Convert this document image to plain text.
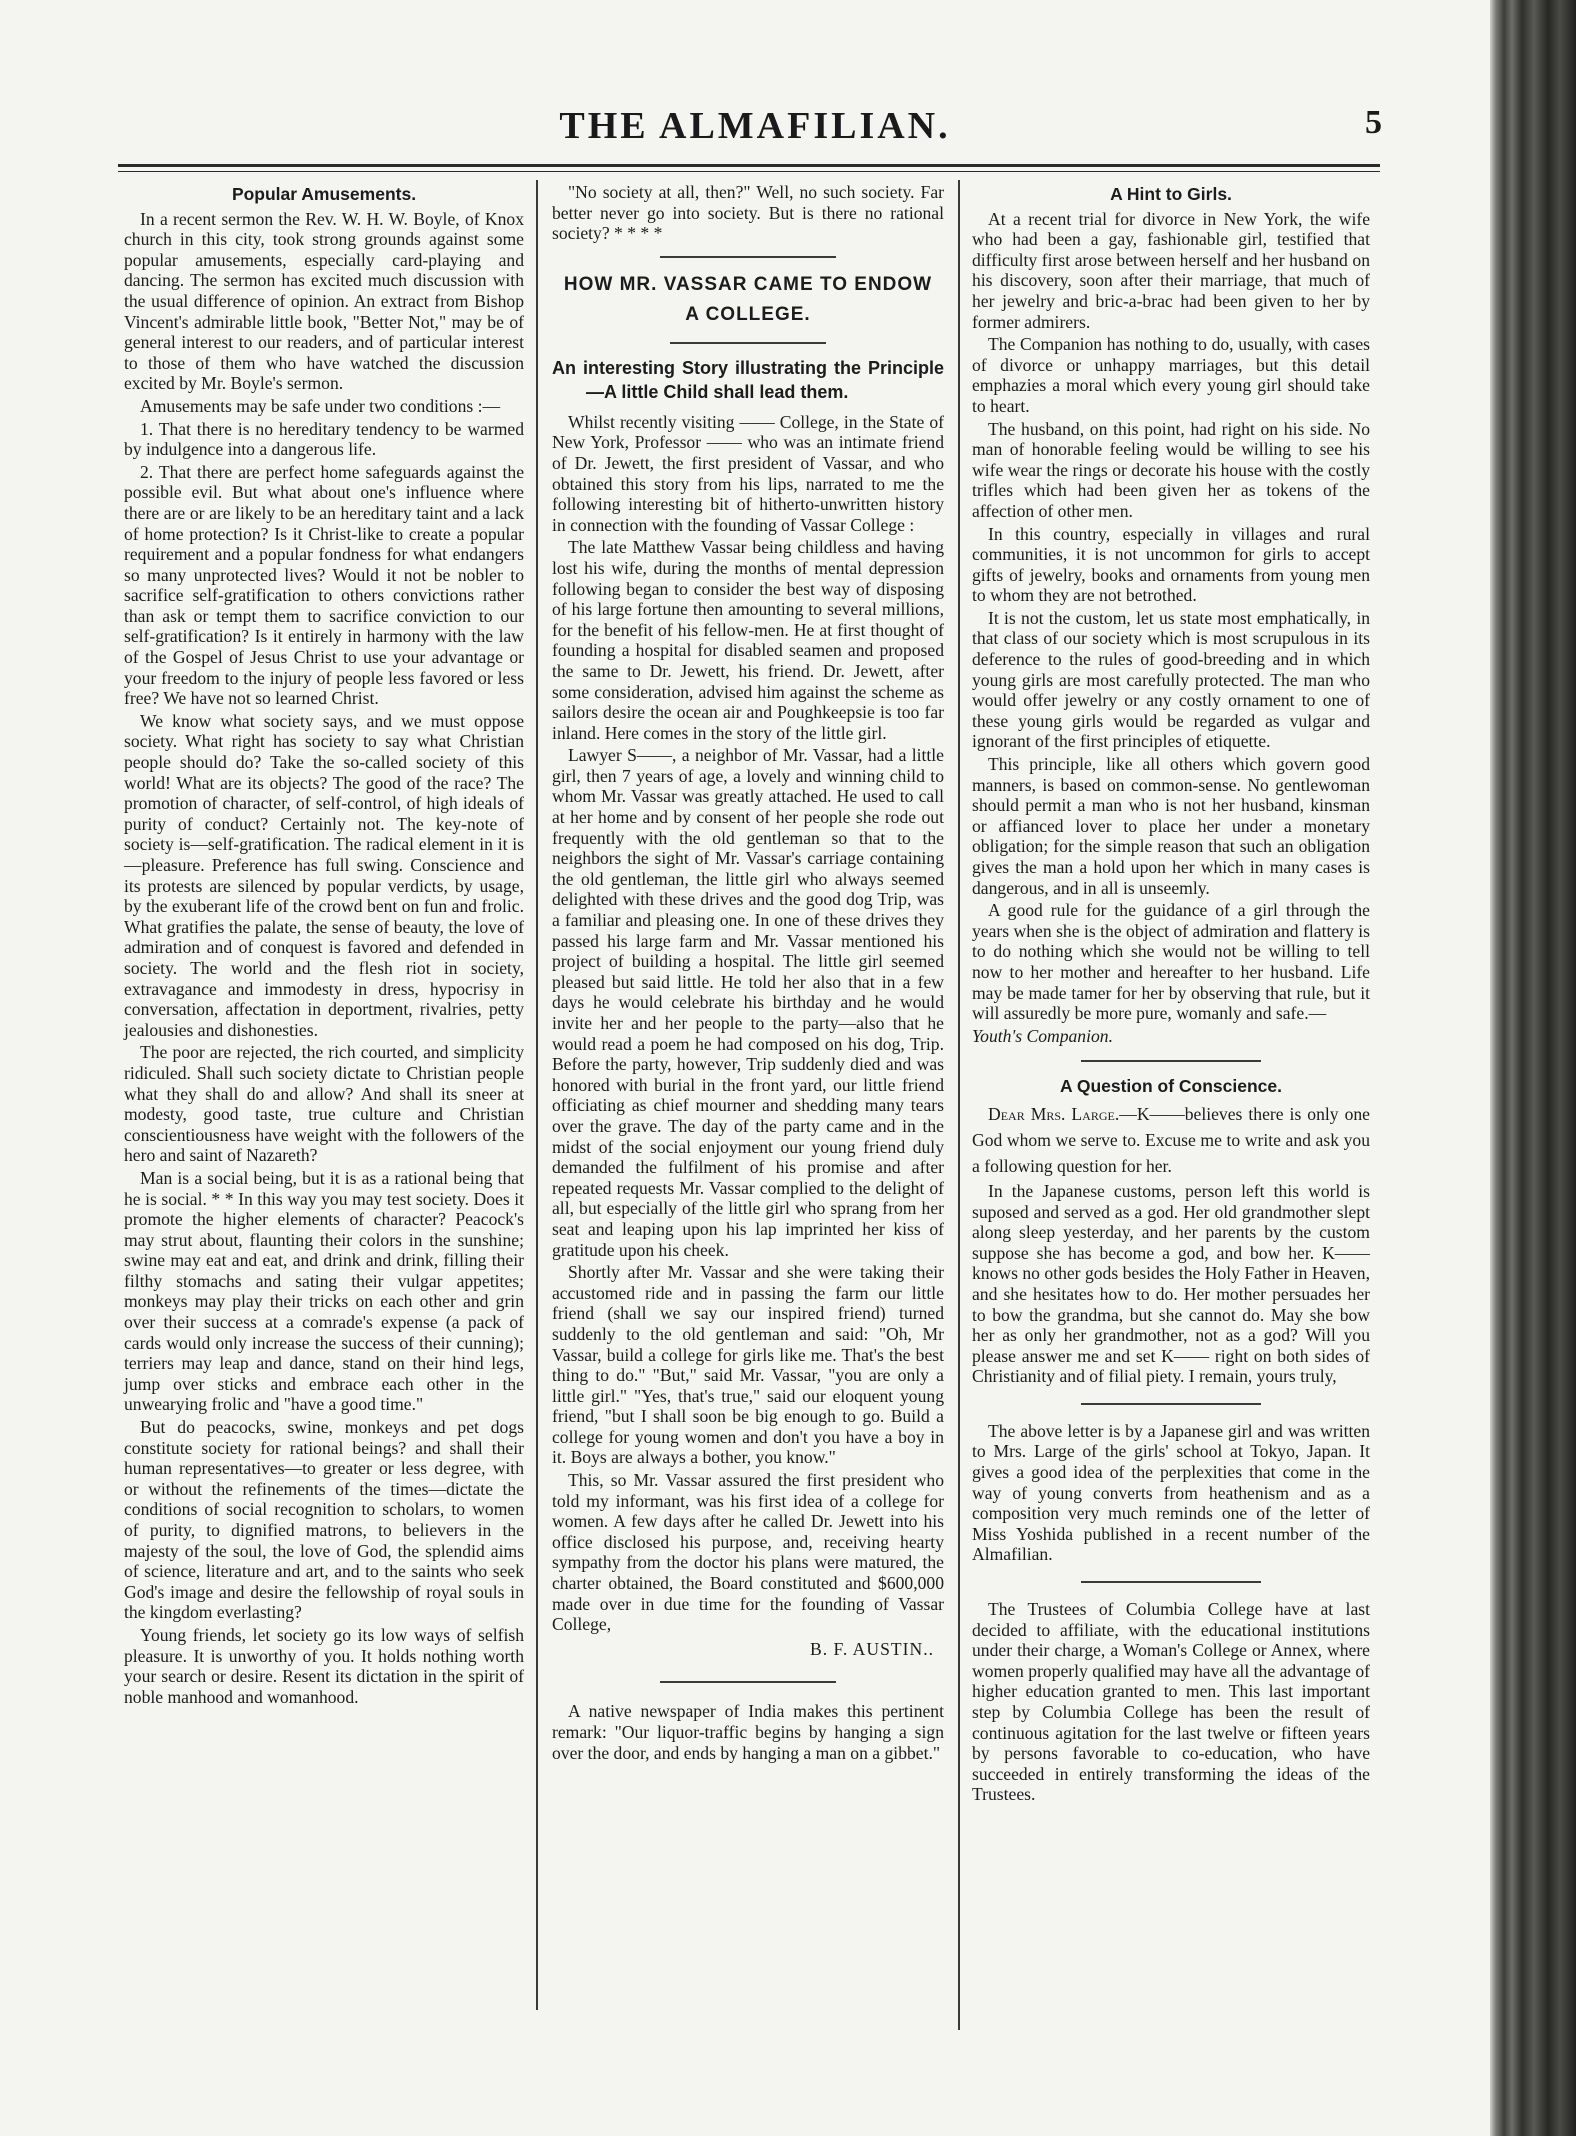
THE ALMAFILIAN.	5
Popular Amusements.

In a recent sermon the Rev. W. H. W. Boyle, of Knox church in this city, took strong grounds against some popular amusements, especially card-playing and dancing. The sermon has excited much discussion with the usual difference of opinion. An extract from Bishop Vincent's admirable little book, "Better Not," may be of general interest to our readers, and of particular interest to those of them who have watched the discussion excited by Mr. Boyle's sermon.

Amusements may be safe under two conditions :—

1. That there is no hereditary tendency to be warmed by indulgence into a dangerous life.

2. That there are perfect home safeguards against the possible evil. But what about one's influence where there are or are likely to be an hereditary taint and a lack of home protection? Is it Christ-like to create a popular requirement and a popular fondness for what endangers so many unprotected lives? Would it not be nobler to sacrifice self-gratification to others convictions rather than ask or tempt them to sacrifice conviction to our self-gratification? Is it entirely in harmony with the law of the Gospel of Jesus Christ to use your advantage or your freedom to the injury of people less favored or less free? We have not so learned Christ.

We know what society says, and we must oppose society. What right has society to say what Christian people should do? Take the so-called society of this world! What are its objects? The good of the race? The promotion of character, of self-control, of high ideals of purity of conduct? Certainly not. The key-note of society is—self-gratification. The radical element in it is—pleasure. Preference has full swing. Conscience and its protests are silenced by popular verdicts, by usage, by the exuberant life of the crowd bent on fun and frolic. What gratifies the palate, the sense of beauty, the love of admiration and of conquest is favored and defended in society. The world and the flesh riot in society, extravagance and immodesty in dress, hypocrisy in conversation, affectation in deportment, rivalries, petty jealousies and dishonesties.

The poor are rejected, the rich courted, and simplicity ridiculed. Shall such society dictate to Christian people what they shall do and allow? And shall its sneer at modesty, good taste, true culture and Christian conscientiousness have weight with the followers of the hero and saint of Nazareth?

Man is a social being, but it is as a rational being that he is social. * * In this way you may test society. Does it promote the higher elements of character? Peacock's may strut about, flaunting their colors in the sunshine; swine may eat and eat, and drink and drink, filling their filthy stomachs and sating their vulgar appetites; monkeys may play their tricks on each other and grin over their success at a comrade's expense (a pack of cards would only increase the success of their cunning); terriers may leap and dance, stand on their hind legs, jump over sticks and embrace each other in the unwearying frolic and "have a good time."

But do peacocks, swine, monkeys and pet dogs constitute society for rational beings? and shall their human representatives—to greater or less degree, with or without the refinements of the times—dictate the conditions of social recognition to scholars, to women of purity, to dignified matrons, to believers in the majesty of the soul, the love of God, the splendid aims of science, literature and art, and to the saints who seek God's image and desire the fellowship of royal souls in the kingdom everlasting?

Young friends, let society go its low ways of selfish pleasure. It is unworthy of you. It holds nothing worth your search or desire. Resent its dictation in the spirit of noble manhood and womanhood.

"No society at all, then?" Well, no such society. Far better never go into society. But is there no rational society? * * * *

HOW MR. VASSAR CAME TO ENDOW A COLLEGE.
An interesting Story illustrating the Principle—A little Child shall lead them.

Whilst recently visiting —— College, in the State of New York, Professor —— who was an intimate friend of Dr. Jewett, the first president of Vassar, and who obtained this story from his lips, narrated to me the following interesting bit of hitherto-unwritten history in connection with the founding of Vassar College :

The late Matthew Vassar being childless and having lost his wife, during the months of mental depression following began to consider the best way of disposing of his large fortune then amounting to several millions, for the benefit of his fellow-men. He at first thought of founding a hospital for disabled seamen and proposed the same to Dr. Jewett, his friend. Dr. Jewett, after some consideration, advised him against the scheme as sailors desire the ocean air and Poughkeepsie is too far inland. Here comes in the story of the little girl.

Lawyer S——, a neighbor of Mr. Vassar, had a little girl, then 7 years of age, a lovely and winning child to whom Mr. Vassar was greatly attached. He used to call at her home and by consent of her people she rode out frequently with the old gentleman so that to the neighbors the sight of Mr. Vassar's carriage containing the old gentleman, the little girl who always seemed delighted with these drives and the good dog Trip, was a familiar and pleasing one. In one of these drives they passed his large farm and Mr. Vassar mentioned his project of building a hospital. The little girl seemed pleased but said little. He told her also that in a few days he would celebrate his birthday and he would invite her and her people to the party—also that he would read a poem he had composed on his dog, Trip. Before the party, however, Trip suddenly died and was honored with burial in the front yard, our little friend officiating as chief mourner and shedding many tears over the grave. The day of the party came and in the midst of the social enjoyment our young friend duly demanded the fulfilment of his promise and after repeated requests Mr. Vassar complied to the delight of all, but especially of the little girl who sprang from her seat and leaping upon his lap imprinted her kiss of gratitude upon his cheek.

Shortly after Mr. Vassar and she were taking their accustomed ride and in passing the farm our little friend (shall we say our inspired friend) turned suddenly to the old gentleman and said: "Oh, Mr Vassar, build a college for girls like me. That's the best thing to do." "But," said Mr. Vassar, "you are only a little girl." "Yes, that's true," said our eloquent young friend, "but I shall soon be big enough to go. Build a college for young women and don't you have a boy in it. Boys are always a bother, you know."

This, so Mr. Vassar assured the first president who told my informant, was his first idea of a college for women. A few days after he called Dr. Jewett into his office disclosed his purpose, and, receiving hearty sympathy from the doctor his plans were matured, the charter obtained, the Board constituted and $600,000 made over in due time for the founding of Vassar College,

B. F. AUSTIN..

A native newspaper of India makes this pertinent remark: "Our liquor-traffic begins by hanging a sign over the door, and ends by hanging a man on a gibbet."

A Hint to Girls.

At a recent trial for divorce in New York, the wife who had been a gay, fashionable girl, testified that difficulty first arose between herself and her husband on his discovery, soon after their marriage, that much of her jewelry and bric-a-brac had been given to her by former admirers.

The Companion has nothing to do, usually, with cases of divorce or unhappy marriages, but this detail emphazies a moral which every young girl should take to heart.

The husband, on this point, had right on his side. No man of honorable feeling would be willing to see his wife wear the rings or decorate his house with the costly trifles which had been given her as tokens of the affection of other men.

In this country, especially in villages and rural communities, it is not uncommon for girls to accept gifts of jewelry, books and ornaments from young men to whom they are not betrothed.

It is not the custom, let us state most emphatically, in that class of our society which is most scrupulous in its deference to the rules of good-breeding and in which young girls are most carefully protected. The man who would offer jewelry or any costly ornament to one of these young girls would be regarded as vulgar and ignorant of the first principles of etiquette.

This principle, like all others which govern good manners, is based on common-sense. No gentlewoman should permit a man who is not her husband, kinsman or affianced lover to place her under a monetary obligation; for the simple reason that such an obligation gives the man a hold upon her which in many cases is dangerous, and in all is unseemly.

A good rule for the guidance of a girl through the years when she is the object of admiration and flattery is to do nothing which she would not be willing to tell now to her mother and hereafter to her husband. Life may be made tamer for her by observing that rule, but it will assuredly be more pure, womanly and safe.—

Youth's Companion.

A Question of Conscience.

Dear Mrs. Large.—K——believes there is only one God whom we serve to. Excuse me to write and ask you a following question for her.

In the Japanese customs, person left this world is suposed and served as a god. Her old grandmother slept along sleep yesterday, and her parents by the custom suppose she has become a god, and bow her. K—— knows no other gods besides the Holy Father in Heaven, and she hesitates how to do. Her mother persuades her to bow the grandma, but she cannot do. May she bow her as only her grandmother, not as a god? Will you please answer me and set K—— right on both sides of Christianity and of filial piety. I remain, yours truly,

The above letter is by a Japanese girl and was written to Mrs. Large of the girls' school at Tokyo, Japan. It gives a good idea of the perplexities that come in the way of young converts from heathenism and as a composition very much reminds one of the letter of Miss Yoshida published in a recent number of the Almafilian.

The Trustees of Columbia College have at last decided to affiliate, with the educational institutions under their charge, a Woman's College or Annex, where women properly qualified may have all the advantage of higher education granted to men. This last important step by Columbia College has been the result of continuous agitation for the last twelve or fifteen years by persons favorable to co-education, who have succeeded in entirely transforming the ideas of the Trustees.
